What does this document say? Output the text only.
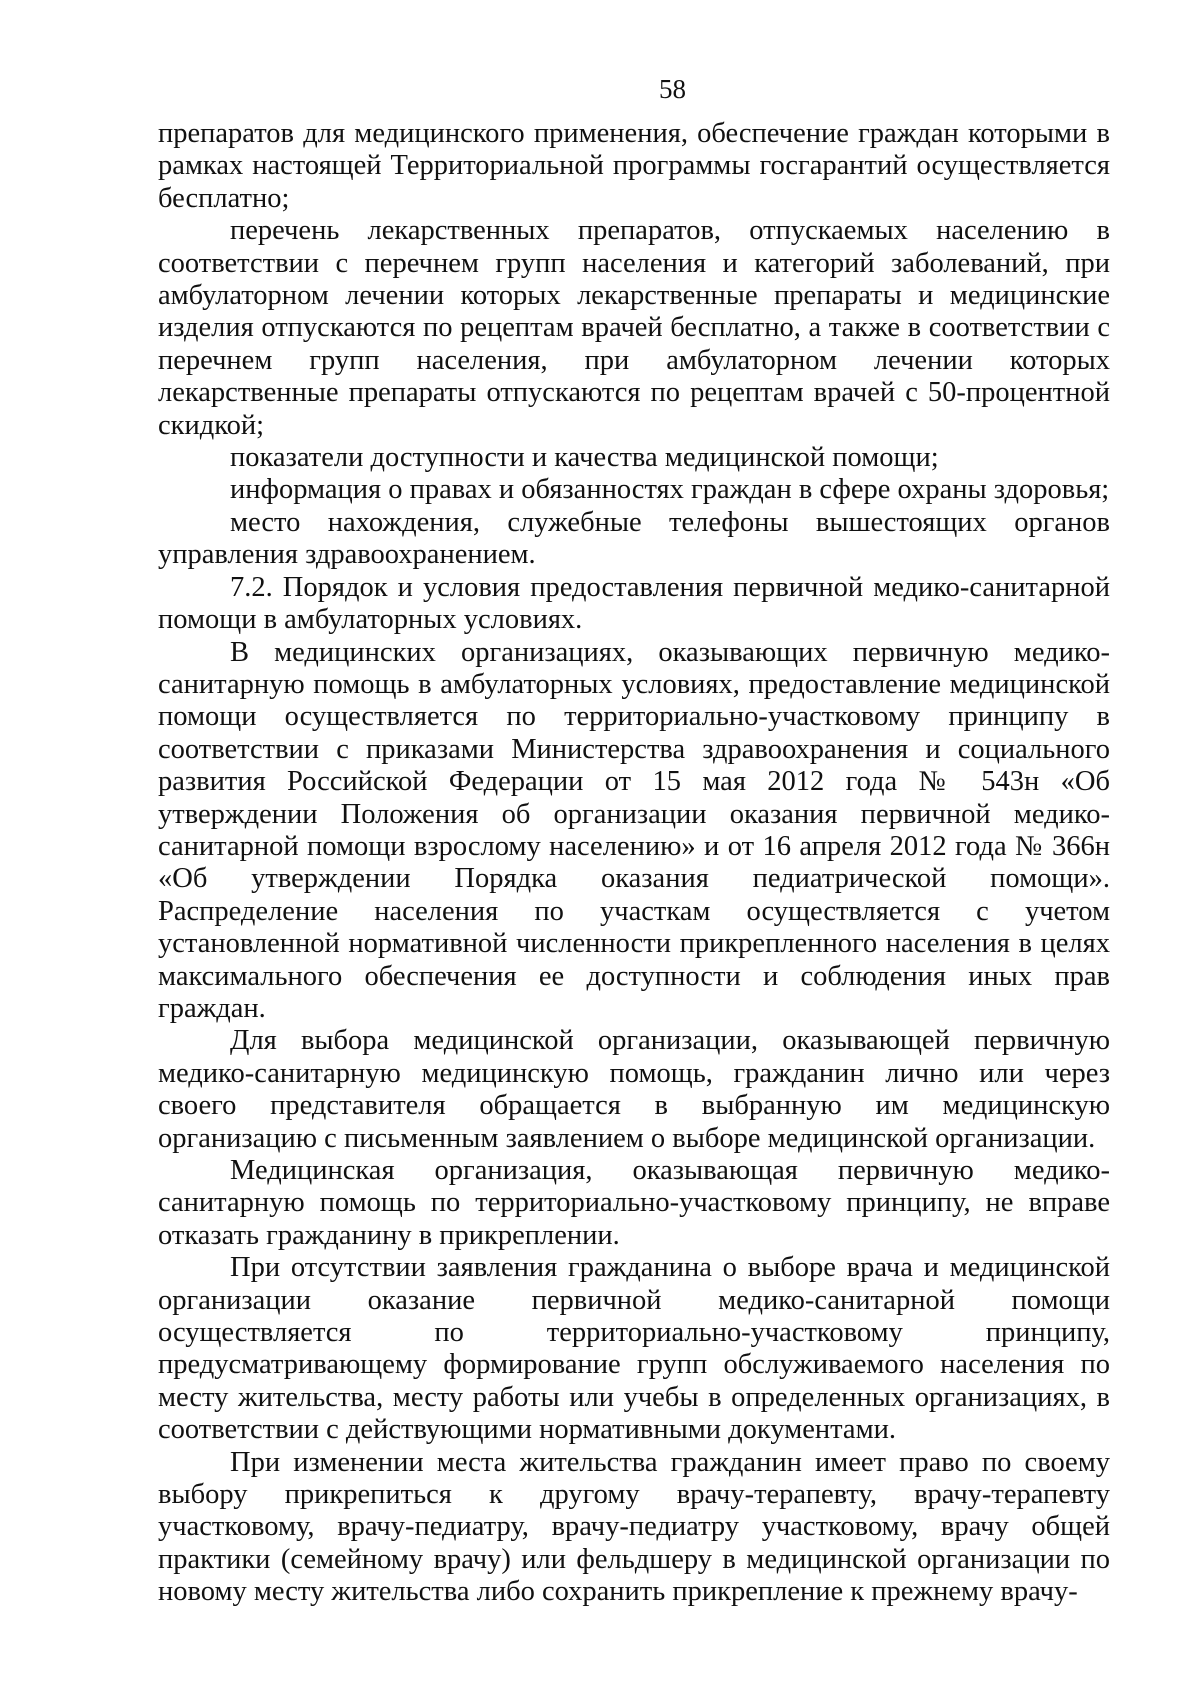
58

препаратов для медицинского применения, обеспечение граждан которыми в рамках настоящей Территориальной программы госгарантий осуществляется бесплатно;

перечень лекарственных препаратов, отпускаемых населению в соответствии с перечнем групп населения и категорий заболеваний, при амбулаторном лечении которых лекарственные препараты и медицинские изделия отпускаются по рецептам врачей бесплатно, а также в соответствии с перечнем групп населения, при амбулаторном лечении которых лекарственные препараты отпускаются по рецептам врачей с 50-процентной скидкой;

показатели доступности и качества медицинской помощи;

информация о правах и обязанностях граждан в сфере охраны здоровья;

место нахождения, служебные телефоны вышестоящих органов управления здравоохранением.

7.2. Порядок и условия предоставления первичной медико-санитарной помощи в амбулаторных условиях.

В медицинских организациях, оказывающих первичную медико-санитарную помощь в амбулаторных условиях, предоставление медицинской помощи осуществляется по территориально-участковому принципу в соответствии с приказами Министерства здравоохранения и социального развития Российской Федерации от 15 мая 2012 года № 543н «Об утверждении Положения об организации оказания первичной медико-санитарной помощи взрослому населению» и от 16 апреля 2012 года № 366н «Об утверждении Порядка оказания педиатрической помощи». Распределение населения по участкам осуществляется с учетом установленной нормативной численности прикрепленного населения в целях максимального обеспечения ее доступности и соблюдения иных прав граждан.

Для выбора медицинской организации, оказывающей первичную медико-санитарную медицинскую помощь, гражданин лично или через своего представителя обращается в выбранную им медицинскую организацию с письменным заявлением о выборе медицинской организации.

Медицинская организация, оказывающая первичную медико-санитарную помощь по территориально-участковому принципу, не вправе отказать гражданину в прикреплении.

При отсутствии заявления гражданина о выборе врача и медицинской организации оказание первичной медико-санитарной помощи осуществляется по территориально-участковому принципу, предусматривающему формирование групп обслуживаемого населения по месту жительства, месту работы или учебы в определенных организациях, в соответствии с действующими нормативными документами.

При изменении места жительства гражданин имеет право по своему выбору прикрепиться к другому врачу-терапевту, врачу-терапевту участковому, врачу-педиатру, врачу-педиатру участковому, врачу общей практики (семейному врачу) или фельдшеру в медицинской организации по новому месту жительства либо сохранить прикрепление к прежнему врачу-
